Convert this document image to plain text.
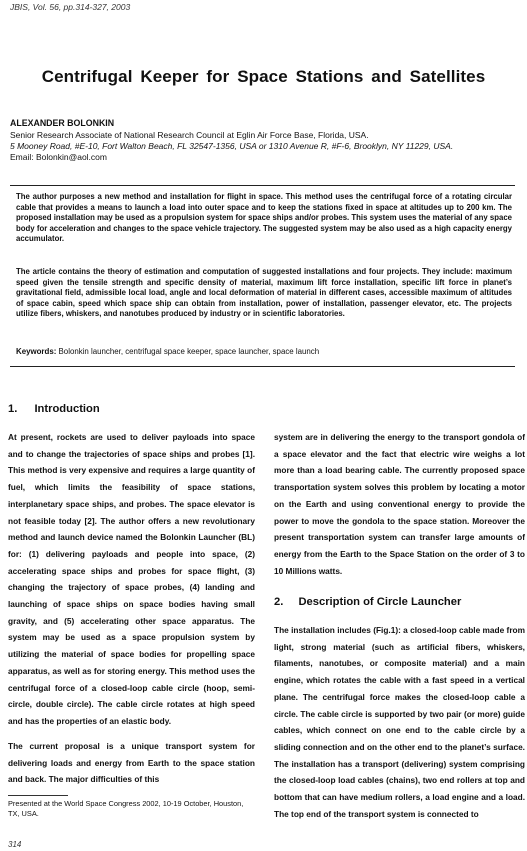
JBIS, Vol. 56, pp.314-327, 2003
Centrifugal Keeper for Space Stations and Satellites
ALEXANDER BOLONKIN
Senior Research Associate of National Research Council at Eglin Air Force Base, Florida, USA.
5 Mooney Road, #E-10, Fort Walton Beach, FL 32547-1356, USA or 1310 Avenue R, #F-6, Brooklyn, NY 11229, USA.
Email: Bolonkin@aol.com

The author purposes a new method and installation for flight in space. This method uses the centrifugal force of a rotating circular cable that provides a means to launch a load into outer space and to keep the stations fixed in space at altitudes up to 200 km. The proposed installation may be used as a propulsion system for space ships and/or probes. This system uses the material of any space body for acceleration and changes to the space vehicle trajectory. The suggested system may be also used as a high capacity energy accumulator.

The article contains the theory of estimation and computation of suggested installations and four projects. They include: maximum speed given the tensile strength and specific density of material, maximum lift force installation, specific lift force in planet’s gravitational field, admissible local load, angle and local deformation of material in different cases, accessible maximum of altitudes of space cabin, speed which space ship can obtain from installation, power of installation, passenger elevator, etc. The projects utilize fibers, whiskers, and nanotubes produced by industry or in scientific laboratories.

Keywords: Bolonkin launcher, centrifugal space keeper, space launcher, space launch
1. Introduction

At present, rockets are used to deliver payloads into space and to change the trajectories of space ships and probes [1]. This method is very expensive and requires a large quantity of fuel, which limits the feasibility of space stations, interplanetary space ships, and probes. The space elevator is not feasible today [2]. The author offers a new revolutionary method and launch device named the Bolonkin Launcher (BL) for: (1) delivering payloads and people into space, (2) accelerating space ships and probes for space flight, (3) changing the trajectory of space probes, (4) landing and launching of space ships on space bodies having small gravity, and (5) accelerating other space apparatus. The system may be used as a space propulsion system by utilizing the material of space bodies for propelling space apparatus, as well as for storing energy. This method uses the centrifugal force of a closed-loop cable circle (hoop, semi-circle, double circle). The cable circle rotates at high speed and has the properties of an elastic body.

The current proposal is a unique transport system for delivering loads and energy from Earth to the space station and back. The major difficulties of this

system are in delivering the energy to the transport gondola of a space elevator and the fact that electric wire weighs a lot more than a load bearing cable. The currently proposed space transportation system solves this problem by locating a motor on the Earth and using conventional energy to provide the power to move the gondola to the space station. Moreover the present transportation system can transfer large amounts of energy from the Earth to the Space Station on the order of 3 to 10 Millions watts.

2. Description of Circle Launcher

The installation includes (Fig.1): a closed-loop cable made from light, strong material (such as artificial fibers, whiskers, filaments, nanotubes, or composite material) and a main engine, which rotates the cable with a fast speed in a vertical plane. The centrifugal force makes the closed-loop cable a circle. The cable circle is supported by two pair (or more) guide cables, which connect on one end to the cable circle by a sliding connection and on the other end to the planet’s surface. The installation has a transport (delivering) system comprising the closed-loop load cables (chains), two end rollers at top and bottom that can have medium rollers, a load engine and a load. The top end of the transport system is connected to

Presented at the World Space Congress 2002, 10-19 October, Houston, TX, USA.

314
